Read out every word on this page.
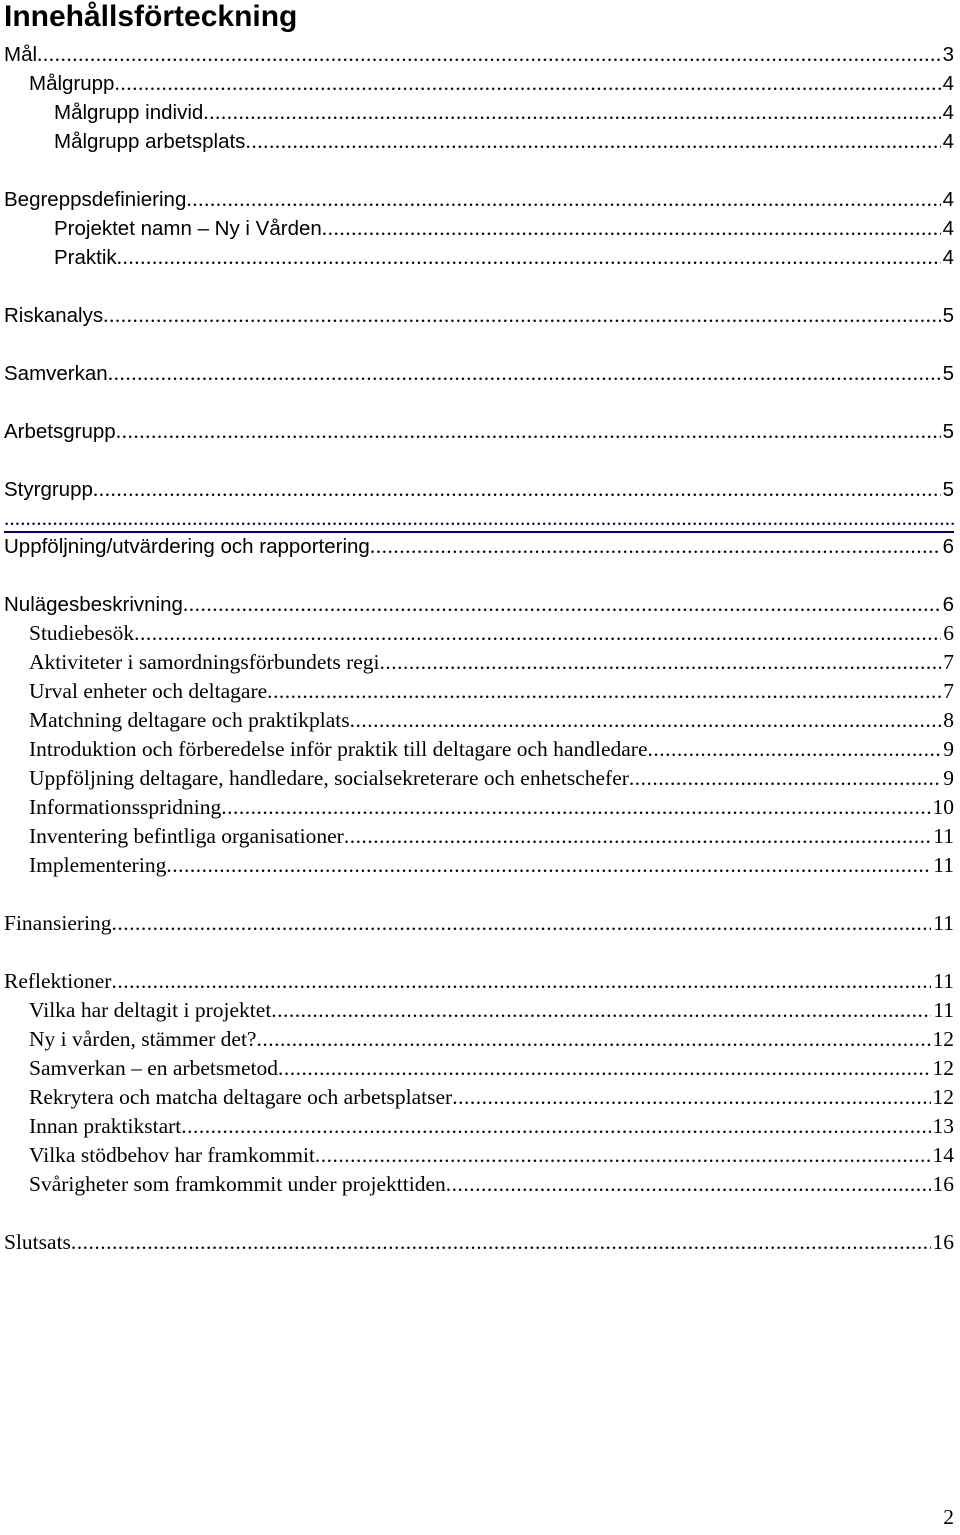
Innehållsförteckning
Mål .....	3
Målgrupp .....	4
Målgrupp individ .....	4
Målgrupp arbetsplats .....	4
Begreppsdefiniering .....	4
Projektet namn – Ny i Vården .....	4
Praktik .....	4
Riskanalys .....	5
Samverkan .....	5
Arbetsgrupp .....	5
Styrgrupp .....	5
.....
Uppföljning/utvärdering och rapportering .....	6
Nulägesbeskrivning .....	6
Studiebesök .....	6
Aktiviteter i samordningsförbundets regi .....	7
Urval enheter och deltagare .....	7
Matchning deltagare och praktikplats .....	8
Introduktion och förberedelse inför praktik till deltagare och handledare .....	9
Uppföljning deltagare, handledare, socialsekreterare och enhetschefer .....	9
Informationsspridning .....	10
Inventering befintliga organisationer .....	11
Implementering .....	11
Finansiering .....	11
Reflektioner .....	11
Vilka har deltagit i projektet .....	11
Ny i vården, stämmer det? .....	12
Samverkan – en arbetsmetod .....	12
Rekrytera och matcha deltagare och arbetsplatser .....	12
Innan praktikstart .....	13
Vilka stödbehov har framkommit .....	14
Svårigheter som framkommit under projekttiden .....	16
Slutsats .....	16
2
